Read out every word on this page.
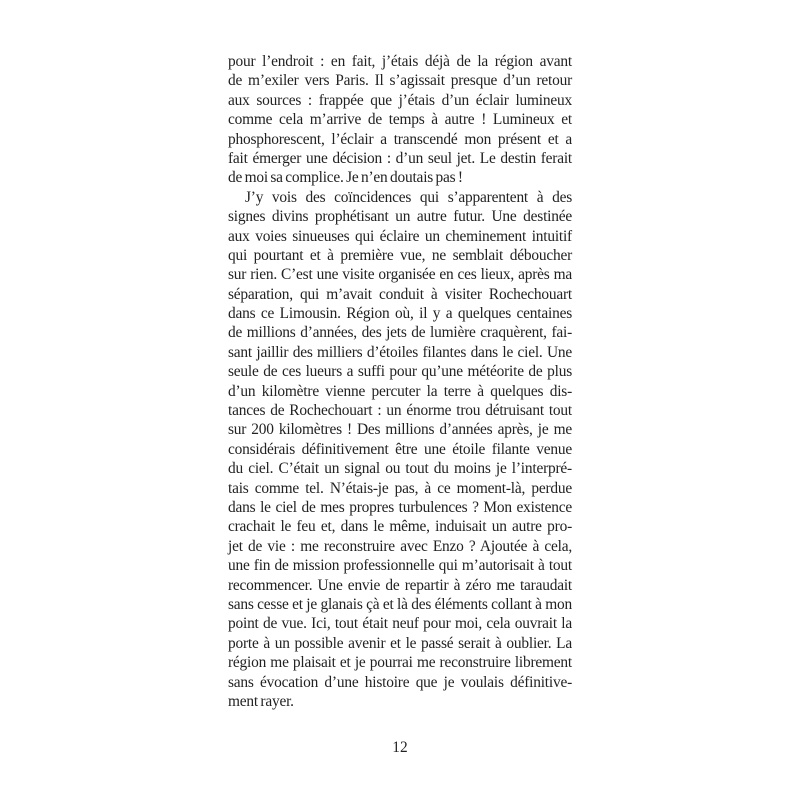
pour l’endroit : en fait, j’étais déjà de la région avant
de m’exiler vers Paris. Il s’agissait presque d’un retour
aux sources : frappée que j’étais d’un éclair lumineux
comme cela m’arrive de temps à autre ! Lumineux et
phosphorescent, l’éclair a transcendé mon présent et a
fait émerger une décision : d’un seul jet. Le destin ferait
de moi sa complice. Je n’en doutais pas !
J’y vois des coïncidences qui s’apparentent à des
signes divins prophétisant un autre futur. Une destinée
aux voies sinueuses qui éclaire un cheminement intuitif
qui pourtant et à première vue, ne semblait déboucher
sur rien. C’est une visite organisée en ces lieux, après ma
séparation, qui m’avait conduit à visiter Rochechouart
dans ce Limousin. Région où, il y a quelques centaines
de millions d’années, des jets de lumière craquèrent, fai-
sant jaillir des milliers d’étoiles filantes dans le ciel. Une
seule de ces lueurs a suffi pour qu’une météorite de plus
d’un kilomètre vienne percuter la terre à quelques dis-
tances de Rochechouart : un énorme trou détruisant tout
sur 200 kilomètres ! Des millions d’années après, je me
considérais définitivement être une étoile filante venue
du ciel. C’était un signal ou tout du moins je l’interpré-
tais comme tel. N’étais-je pas, à ce moment-là, perdue
dans le ciel de mes propres turbulences ? Mon existence
crachait le feu et, dans le même, induisait un autre pro-
jet de vie : me reconstruire avec Enzo ? Ajoutée à cela,
une fin de mission professionnelle qui m’autorisait à tout
recommencer. Une envie de repartir à zéro me taraudait
sans cesse et je glanais çà et là des éléments collant à mon
point de vue. Ici, tout était neuf pour moi, cela ouvrait la
porte à un possible avenir et le passé serait à oublier. La
région me plaisait et je pourrai me reconstruire librement
sans évocation d’une histoire que je voulais définitive-
ment rayer.
12
